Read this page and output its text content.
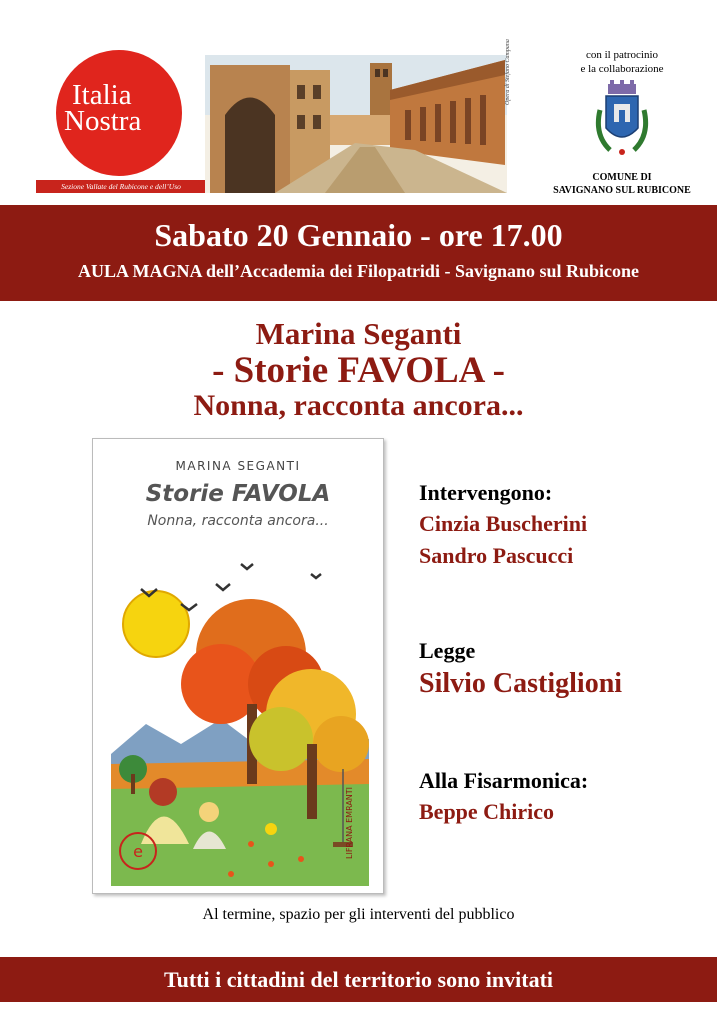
Italia
Nostra
Sezione Vallate del Rubicone e dell’Uso
Opera di Stefano Campana	con il patrocinio
e la collaborazione
COMUNE DI
SAVIGNANO SUL RUBICONE
Sabato 20 Gennaio - ore 17.00
AULA MAGNA dell’Accademia dei Filopatridi - Savignano sul Rubicone
Marina Seganti
- Storie FAVOLA -
Nonna, racconta ancora...
MARINA SEGANTI
Storie FAVOLA
Nonna, racconta ancora...
e	LIFRANA EMRANTI
Intervengono:
Cinzia Buscherini
Sandro Pascucci
Legge
Silvio Castiglioni
Alla Fisarmonica:
Beppe Chirico
Al termine, spazio per gli interventi del pubblico
Tutti i cittadini del territorio sono invitati
